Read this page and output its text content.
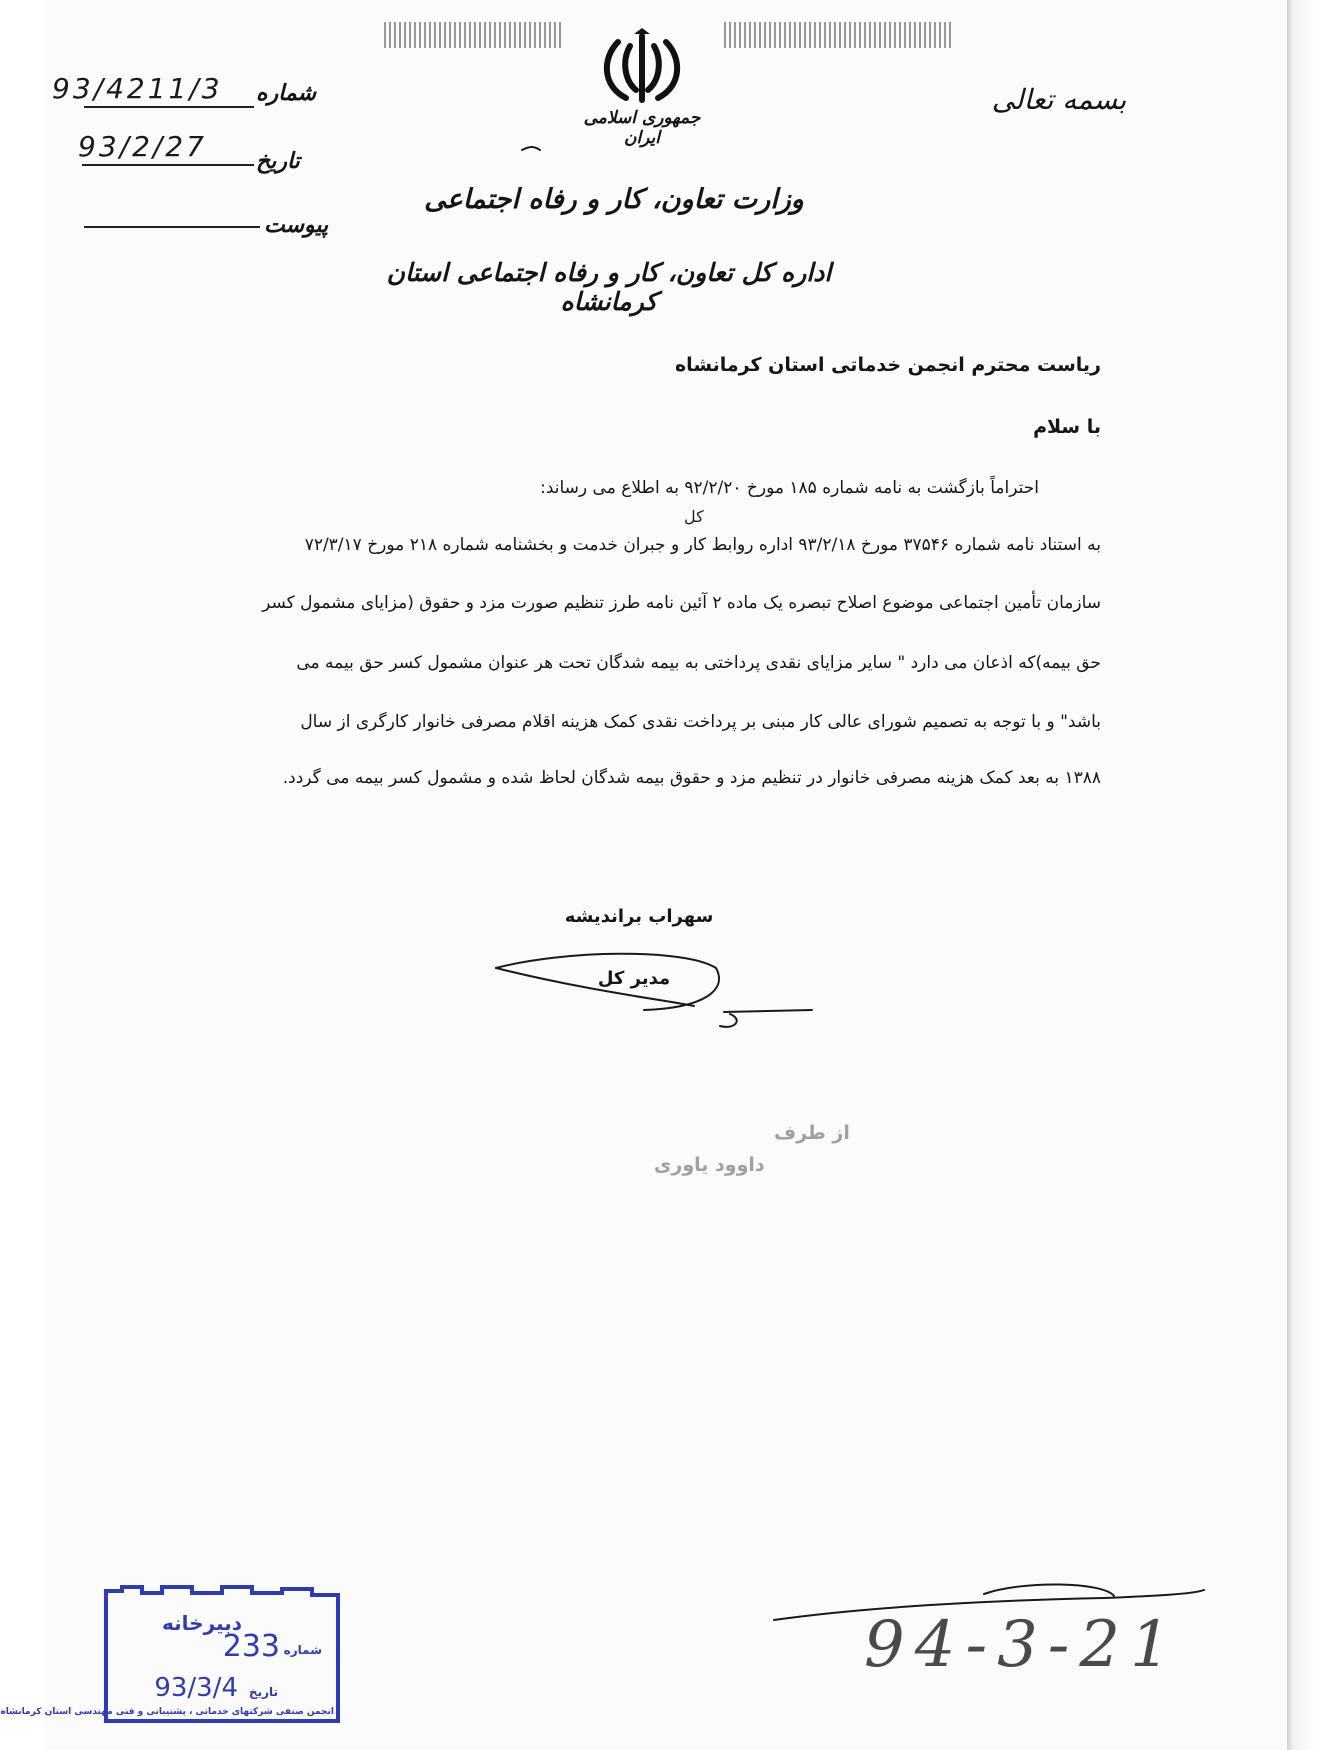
بسمه تعالی
جمهوری اسلامی ایران
وزارت تعاون، کار و رفاه اجتماعی
اداره کل تعاون، کار و رفاه اجتماعی استان کرمانشاه
شماره
93/4211/3
تاریخ
93/2/27
پیوست
ریاست محترم انجمن خدماتی استان کرمانشاه
با سلام
احتراماً بازگشت به نامه شماره ۱۸۵ مورخ ۹۲/۲/۲۰ به اطلاع می رساند:
به استناد نامه شماره ۳۷۵۴۶ مورخ ۹۳/۲/۱۸ اداره روابط کار و جبران خدمت و بخشنامه شماره ۲۱۸ مورخ ۷۲/۳/۱۷
کل
سازمان تأمین اجتماعی موضوع اصلاح تبصره یک ماده ۲ آئین نامه طرز تنظیم صورت مزد و حقوق (مزایای مشمول کسر
حق بیمه)که اذعان می دارد " سایر مزایای نقدی پرداختی به بیمه شدگان تحت هر عنوان مشمول کسر حق بیمه می
باشد" و با توجه به تصمیم شورای عالی کار مبنی بر پرداخت نقدی کمک هزینه اقلام مصرفی خانوار کارگری از سال
۱۳۸۸ به بعد کمک هزینه مصرفی خانوار در تنظیم مزد و حقوق بیمه شدگان لحاظ شده و مشمول کسر بیمه می گردد.
سهراب براندیشه
مدیر کل
از طرف
داوود یاوری
دبیرخانه
شماره
233
تاریخ
93/3/4
انجمن صنفی شرکتهای خدماتی ، پشتیبانی و فنی مهندسی استان کرمانشاه
94-3-21
